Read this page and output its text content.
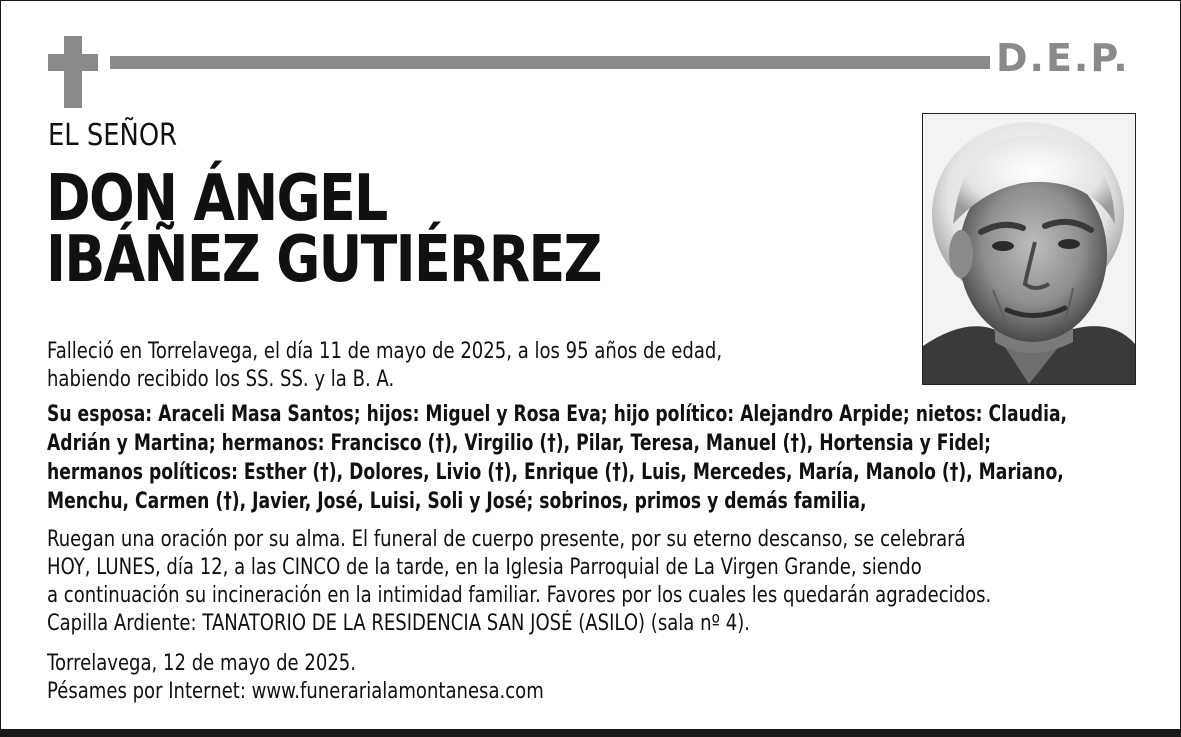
D.E.P.
EL SEÑOR
DON ÁNGEL
IBÁÑEZ GUTIÉRREZ
Falleció en Torrelavega, el día 11 de mayo de 2025, a los 95 años de edad,
habiendo recibido los SS. SS. y la B. A.
Su esposa: Araceli Masa Santos; hijos: Miguel y Rosa Eva; hijo político: Alejandro Arpide; nietos: Claudia,
Adrián y Martina; hermanos: Francisco (†), Virgilio (†), Pilar, Teresa, Manuel (†), Hortensia y Fidel;
hermanos políticos: Esther (†), Dolores, Livio (†), Enrique (†), Luis, Mercedes, María, Manolo (†), Mariano,
Menchu, Carmen (†), Javier, José, Luisi, Soli y José; sobrinos, primos y demás familia,
Ruegan una oración por su alma. El funeral de cuerpo presente, por su eterno descanso, se celebrará
HOY, LUNES, día 12, a las CINCO de la tarde, en la Iglesia Parroquial de La Virgen Grande, siendo
a continuación su incineración en la intimidad familiar. Favores por los cuales les quedarán agradecidos.
Capilla Ardiente: TANATORIO DE LA RESIDENCIA SAN JOSÉ (ASILO) (sala nº 4).
Torrelavega, 12 de mayo de 2025.
Pésames por Internet: www.funerarialamontanesa.com
